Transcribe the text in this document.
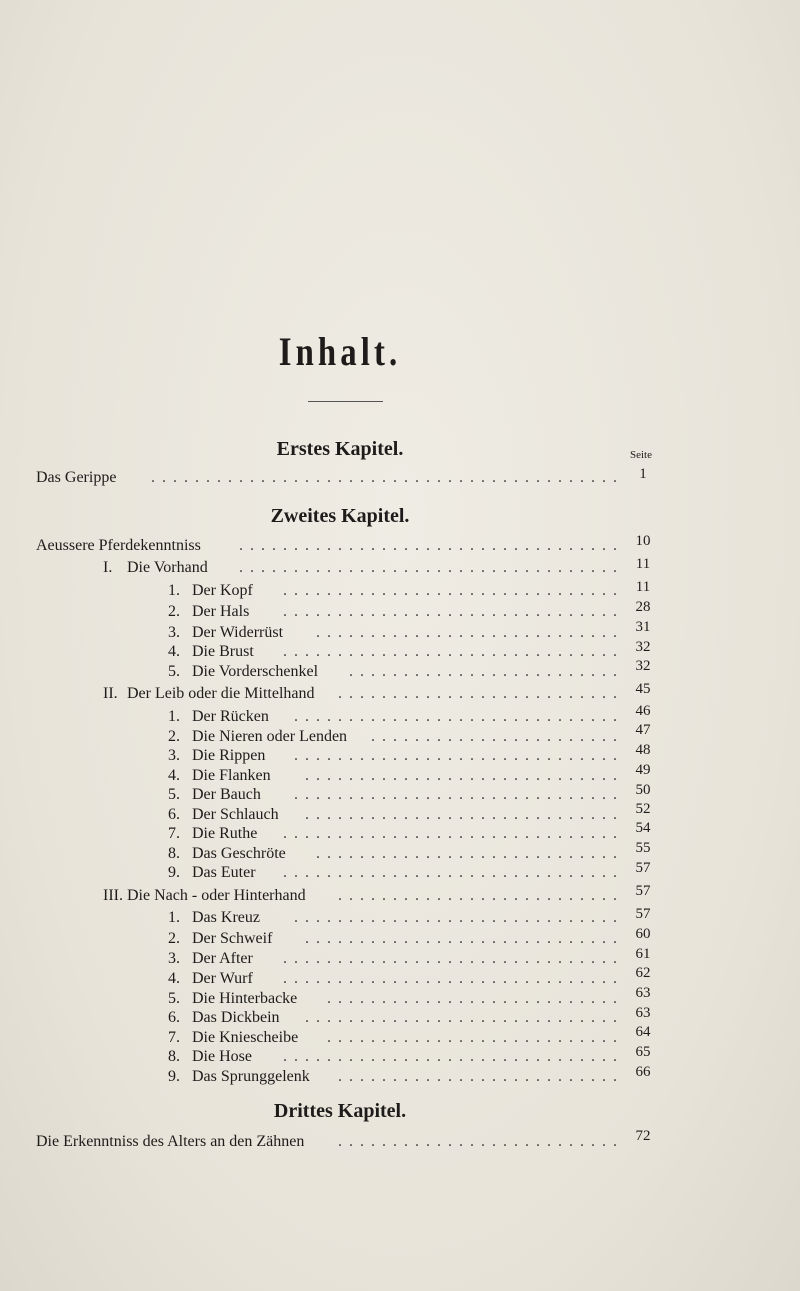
Inhalt.
Seite
Erstes Kapitel.
Zweites Kapitel.
Drittes Kapitel.
Das Gerippe	...........................................	1
Aeussere Pferdekenntniss	................................... 10
I. Die Vorhand	................................... 11
1. Der Kopf	............................... 11
2. Der Hals	............................... 28
3. Der Widerrüst	............................ 31
4. Die Brust	............................... 32
5. Die Vorderschenkel	......................... 32
II. Der Leib oder die Mittelhand	.......................... 45
1. Der Rücken	.............................. 46
2. Die Nieren oder Lenden	....................... 47
3. Die Rippen	.............................. 48
4. Die Flanken	............................. 49
5. Der Bauch	.............................. 50
6. Der Schlauch	............................. 52
7. Die Ruthe	............................... 54
8. Das Geschröte	............................ 55
9. Das Euter	............................... 57
III. Die Nach - oder Hinterhand	.......................... 57
1. Das Kreuz	.............................. 57
2. Der Schweif	............................. 60
3. Der After	............................... 61
4. Der Wurf	............................... 62
5. Die Hinterbacke	........................... 63
6. Das Dickbein	............................. 63
7. Die Kniescheibe	........................... 64
8. Die Hose	............................... 65
9. Das Sprunggelenk	.......................... 66
Die Erkenntniss des Alters an den Zähnen	.......................... 72
